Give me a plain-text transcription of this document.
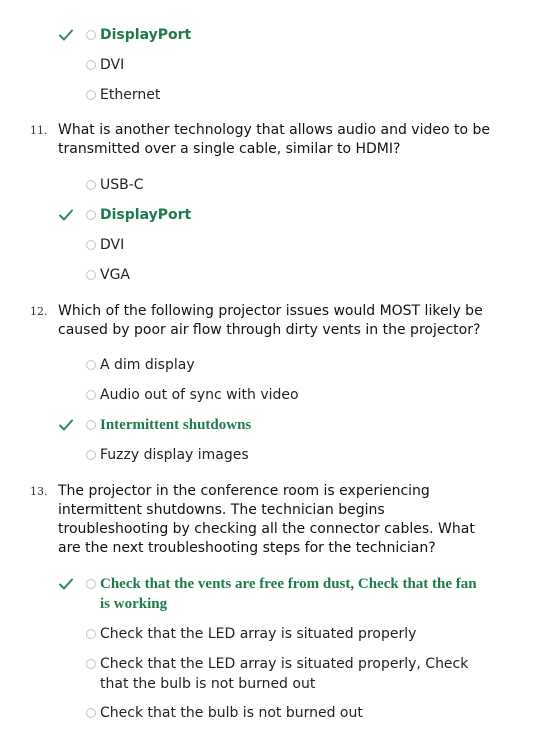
DisplayPort
DVI
Ethernet
11. What is another technology that allows audio and video to be transmitted over a single cable, similar to HDMI?
USB-C
DisplayPort
DVI
VGA
12. Which of the following projector issues would MOST likely be caused by poor air flow through dirty vents in the projector?
A dim display
Audio out of sync with video
Intermittent shutdowns
Fuzzy display images
13. The projector in the conference room is experiencing intermittent shutdowns. The technician begins troubleshooting by checking all the connector cables. What are the next troubleshooting steps for the technician?
Check that the vents are free from dust, Check that the fan is working
Check that the LED array is situated properly
Check that the LED array is situated properly, Check that the bulb is not burned out
Check that the bulb is not burned out
